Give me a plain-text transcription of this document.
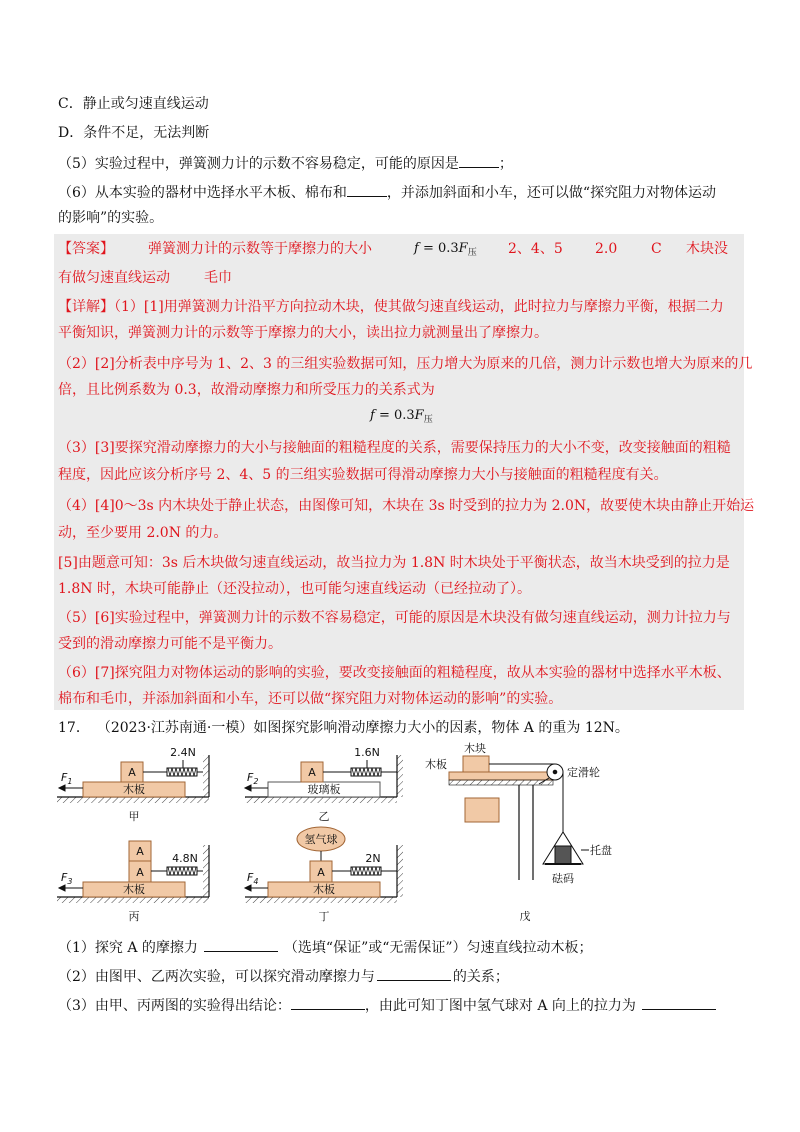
C．静止或匀速直线运动
D．条件不足，无法判断
（5）实验过程中，弹簧测力计的示数不容易稳定，可能的原因是	；
（6）从本实验的器材中选择水平木板、棉布和	，并添加斜面和小车，还可以做“探究阻力对物体运动
的影响”的实验。
【答案】 弹簧测力计的示数等于摩擦力的大小	$f = 0.3F_压$ 2、4、5 2.0 C 木块没
有做匀速直线运动 毛巾
【详解】（1）[1]用弹簧测力计沿平方向拉动木块，使其做匀速直线运动，此时拉力与摩擦力平衡，根据二力
平衡知识，弹簧测力计的示数等于摩擦力的大小，读出拉力就测量出了摩擦力。
（2）[2]分析表中序号为 1、2、3 的三组实验数据可知，压力增大为原来的几倍，测力计示数也增大为原来的几
倍，且比例系数为 0.3，故滑动摩擦力和所受压力的关系式为
$f = 0.3F_压$
（3）[3]要探究滑动摩擦力的大小与接触面的粗糙程度的关系，需要保持压力的大小不变，改变接触面的粗糙
程度，因此应该分析序号 2、4、5 的三组实验数据可得滑动摩擦力大小与接触面的粗糙程度有关。
（4）[4]0～3s 内木块处于静止状态，由图像可知，木块在 3s 时受到的拉力为 2.0N，故要使木块由静止开始运
动，至少要用 2.0N 的力。
[5]由题意可知：3s 后木块做匀速直线运动，故当拉力为 1.8N 时木块处于平衡状态，故当木块受到的拉力是
1.8N 时，木块可能静止（还没拉动），也可能匀速直线运动（已经拉动了）。
（5）[6]实验过程中，弹簧测力计的示数不容易稳定，可能的原因是木块没有做匀速直线运动，测力计拉力与
受到的滑动摩擦力可能不是平衡力。
（6）[7]探究阻力对物体运动的影响的实验，要改变接触面的粗糙程度，故从本实验的器材中选择水平木板、
棉布和毛巾，并添加斜面和小车，还可以做“探究阻力对物体运动的影响”的实验。
17． （2023·江苏南通·一模）如图探究影响滑动摩擦力大小的因素，物体 A 的重为 12N。
木板
A
2.4N
$F_1$
甲
玻璃板
A
1.6N
$F_2$
乙
木板
A
A
4.8N
$F_3$
丙
木板
氢气球
A
2N
$F_4$
丁
木块
木板
定滑轮
托盘
砝码
戊
（1）探究 A 的摩擦力	（选填“保证”或“无需保证”）匀速直线拉动木板；
（2）由图甲、乙两次实验，可以探究滑动摩擦力与	的关系；
（3）由甲、丙两图的实验得出结论：	，由此可知丁图中氢气球对 A 向上的拉力为
